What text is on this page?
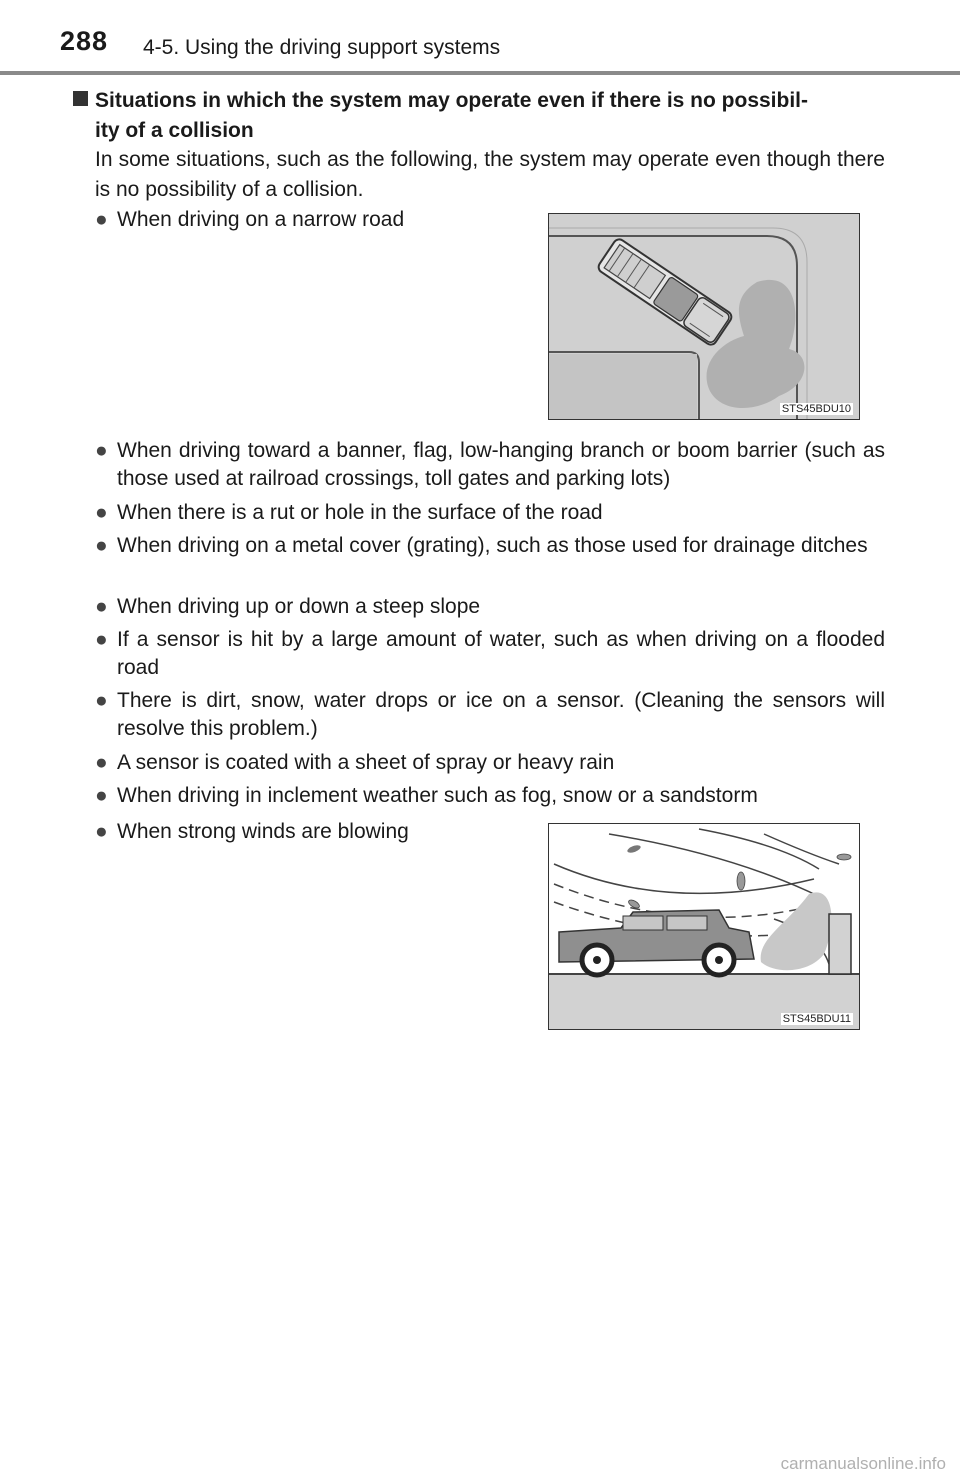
288 4-5. Using the driving support systems
Situations in which the system may operate even if there is no possibil-
ity of a collision
In some situations, such as the following, the system may operate even though there is no possibility of a collision.
● When driving on a narrow road
STS45BDU10
● When driving toward a banner, flag, low-hanging branch or boom barrier (such as those used at railroad crossings, toll gates and parking lots)
● When there is a rut or hole in the surface of the road
● When driving on a metal cover (grating), such as those used for drainage ditches
● When driving up or down a steep slope
● If a sensor is hit by a large amount of water, such as when driving on a flooded road
● There is dirt, snow, water drops or ice on a sensor. (Cleaning the sensors will resolve this problem.)
● A sensor is coated with a sheet of spray or heavy rain
● When driving in inclement weather such as fog, snow or a sandstorm
● When strong winds are blowing
STS45BDU11
carmanualsonline.info
